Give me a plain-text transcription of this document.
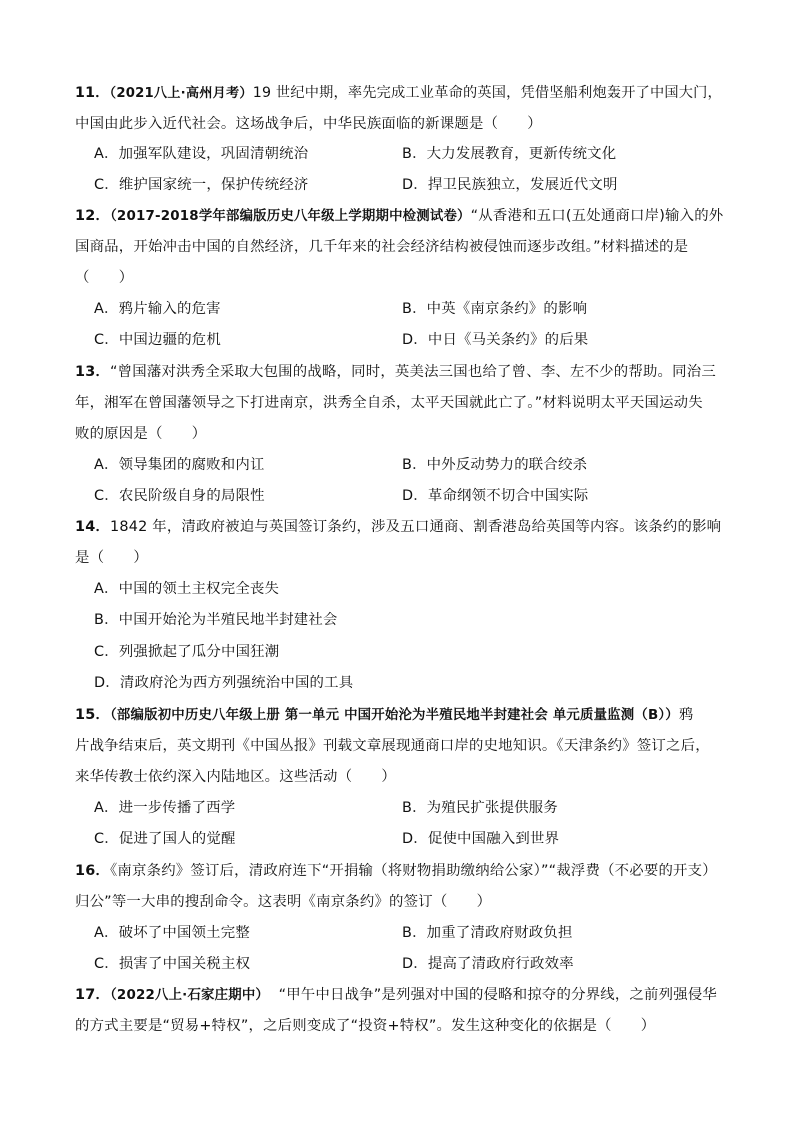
11．（2021八上·高州月考）19 世纪中期，率先完成工业革命的英国，凭借坚船利炮轰开了中国大门，
中国由此步入近代社会。这场战争后，中华民族面临的新课题是（　　）
A．加强军队建设，巩固清朝统治	B．大力发展教育，更新传统文化
C．维护国家统一，保护传统经济	D．捍卫民族独立，发展近代文明
12．（2017-2018学年部编版历史八年级上学期期中检测试卷）“从香港和五口(五处通商口岸)输入的外
国商品，开始冲击中国的自然经济，几千年来的社会经济结构被侵蚀而逐步改组。”材料描述的是
（　　）
A．鸦片输入的危害	B．中英《南京条约》的影响
C．中国边疆的危机	D．中日《马关条约》的后果
13．“曾国藩对洪秀全采取大包围的战略，同时，英美法三国也给了曾、李、左不少的帮助。同治三
年，湘军在曾国藩领导之下打进南京，洪秀全自杀，太平天国就此亡了。”材料说明太平天国运动失
败的原因是（　　）
A．领导集团的腐败和内讧	B．中外反动势力的联合绞杀
C．农民阶级自身的局限性	D．革命纲领不切合中国实际
14．1842 年，清政府被迫与英国签订条约，涉及五口通商、割香港岛给英国等内容。该条约的影响
是（　　）
A．中国的领土主权完全丧失
B．中国开始沦为半殖民地半封建社会
C．列强掀起了瓜分中国狂潮
D．清政府沦为西方列强统治中国的工具
15．（部编版初中历史八年级上册 第一单元 中国开始沦为半殖民地半封建社会 单元质量监测（B））鸦
片战争结束后，英文期刊《中国丛报》刊载文章展现通商口岸的史地知识。《天津条约》签订之后，
来华传教士依约深入内陆地区。这些活动（　　）
A．进一步传播了西学	B．为殖民扩张提供服务
C．促进了国人的觉醒	D．促使中国融入到世界
16．《南京条约》签订后，清政府连下“开捐输（将财物捐助缴纳给公家）”“裁浮费（不必要的开支）
归公”等一大串的搜刮命令。这表明《南京条约》的签订（　　）
A．破坏了中国领土完整	B．加重了清政府财政负担
C．损害了中国关税主权	D．提高了清政府行政效率
17．（2022八上·石家庄期中）  “甲午中日战争”是列强对中国的侵略和掠夺的分界线，之前列强侵华
的方式主要是“贸易+特权”，之后则变成了“投资+特权”。发生这种变化的依据是（　　）
